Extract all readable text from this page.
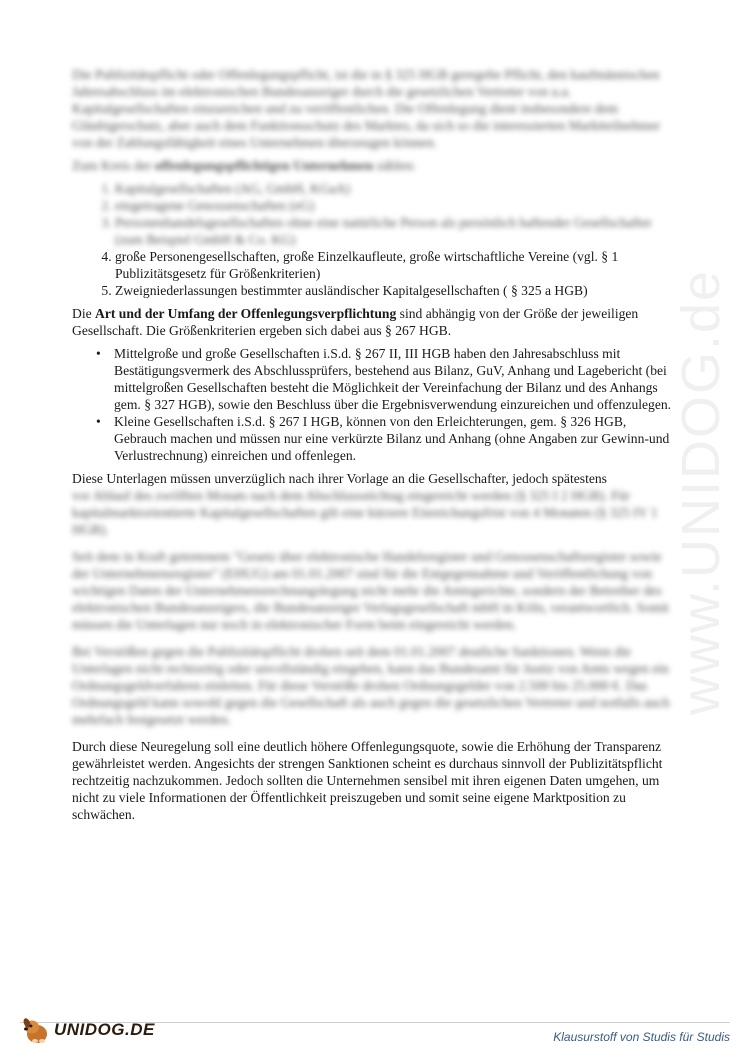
www.UNIDOG.de

Die Publizitätspflicht oder Offenlegungspflicht, ist die in § 325 HGB geregelte Pflicht, den kaufmännischen Jahresabschluss im elektronischen Bundesanzeiger durch die gesetzlichen Vertreter von u.a. Kapitalgesellschaften einzureichen und zu veröffentlichen. Die Offenlegung dient insbesondere dem Gläubigerschutz, aber auch dem Funktionsschutz des Marktes, da sich so die interessierten Marktteilnehmer von der Zahlungsfähigkeit eines Unternehmen überzeugen können.

Zum Kreis der offenlegungspflichtigen Unternehmen zählen:

1. Kapitalgesellschaften (AG, GmbH, KGaA)
2. eingetragene Genossenschaften (eG)
3. Personenhandelsgesellschaften ohne eine natürliche Person als persönlich haftender Gesellschafter (zum Beispiel GmbH & Co. KG)
4. große Personengesellschaften, große Einzelkaufleute, große wirtschaftliche Vereine (vgl. § 1 Publizitätsgesetz für Größenkriterien)
5. Zweigniederlassungen bestimmter ausländischer Kapitalgesellschaften ( § 325 a HGB)

Die Art und der Umfang der Offenlegungsverpflichtung sind abhängig von der Größe der jeweiligen Gesellschaft. Die Größenkriterien ergeben sich dabei aus § 267 HGB.

• Mittelgroße und große Gesellschaften i.S.d. § 267 II, III HGB haben den Jahresabschluss mit Bestätigungsvermerk des Abschlussprüfers, bestehend aus Bilanz, GuV, Anhang und Lagebericht (bei mittelgroßen Gesellschaften besteht die Möglichkeit der Vereinfachung der Bilanz und des Anhangs gem. § 327 HGB), sowie den Beschluss über die Ergebnisverwendung einzureichen und offenzulegen.
• Kleine Gesellschaften i.S.d. § 267 I HGB, können von den Erleichterungen, gem. § 326 HGB, Gebrauch machen und müssen nur eine verkürzte Bilanz und Anhang (ohne Angaben zur Gewinn-und Verlustrechnung) einreichen und offenlegen.

Diese Unterlagen müssen unverzüglich nach ihrer Vorlage an die Gesellschafter, jedoch spätestens
vor Ablauf des zwölften Monats nach dem Abschlussstichtag eingereicht werden (§ 325 I 2 HGB). Für kapitalmarktorientierte Kapitalgesellschaften gilt eine kürzere Einreichungsfrist von 4 Monaten (§ 325 IV 1 HGB).

Seit dem in Kraft getretenem "Gesetz über elektronische Handelsregister und Genossenschaftsregister sowie der Unternehmensregister" (EHUG) am 01.01.2007 sind für die Entgegennahme und Veröffentlichung von wichtigen Daten der Unternehmensrechnungslegung nicht mehr die Amtsgerichte, sondern der Betreiber des elektronischen Bundesanzeigers, die Bundesanzeiger Verlagsgesellschaft mbH in Köln, verantwortlich. Somit müssen die Unterlagen nur noch in elektronischer Form beim eingereicht werden.

Bei Verstößen gegen die Publizitätspflicht drohen seit dem 01.01.2007 deutliche Sanktionen. Wenn die Unterlagen nicht rechtzeitig oder unvollständig eingehen, kann das Bundesamt für Justiz von Amts wegen ein Ordnungsgeldverfahren einleiten. Für diese Verstöße drohen Ordnungsgelder von 2.500 bis 25.000 €. Das Ordnungsgeld kann sowohl gegen die Gesellschaft als auch gegen die gesetzlichen Vertreter und notfalls auch mehrfach festgesetzt werden.

Durch diese Neuregelung soll eine deutlich höhere Offenlegungsquote, sowie die Erhöhung der Transparenz gewährleistet werden. Angesichts der strengen Sanktionen scheint es durchaus sinnvoll der Publizitätspflicht rechtzeitig nachzukommen. Jedoch sollten die Unternehmen sensibel mit ihren eigenen Daten umgehen, um nicht zu viele Informationen der Öffentlichkeit preiszugeben und somit seine eigene Marktposition zu schwächen.

UNIDOG.DE	Klausurstoff von Studis für Studis
